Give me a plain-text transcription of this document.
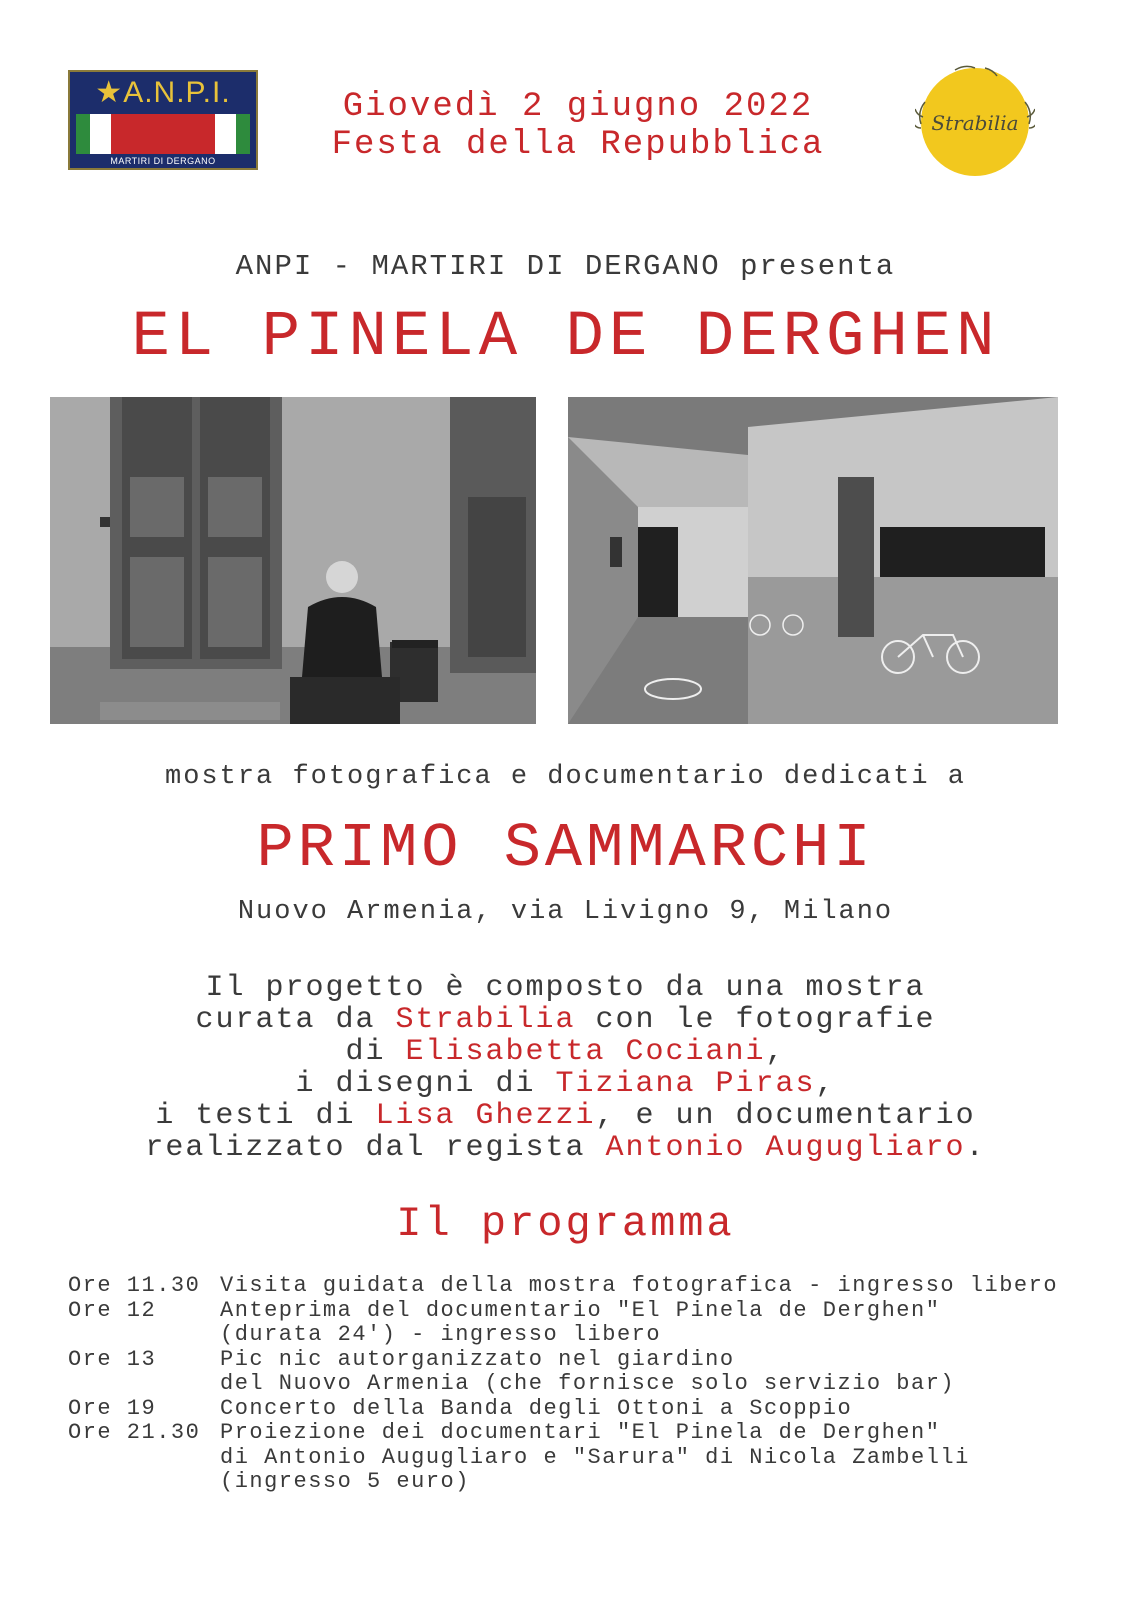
★A.N.P.I.
MARTIRI DI DERGANO
Giovedì 2 giugno 2022
Festa della Repubblica
Strabilia
ANPI - MARTIRI DI DERGANO presenta
EL PINELA DE DERGHEN
mostra fotografica e documentario dedicati a
PRIMO SAMMARCHI
Nuovo Armenia, via Livigno 9, Milano
Il progetto è composto da una mostra
curata da Strabilia con le fotografie
di Elisabetta Cociani,
i disegni di Tiziana Piras,
i testi di Lisa Ghezzi, e un documentario
realizzato dal regista Antonio Augugliaro.
Il programma
Ore 11.30 Visita guidata della mostra fotografica - ingresso libero
Ore 12	Anteprima del documentario "El Pinela de Derghen"
(durata 24') - ingresso libero
Ore 13	Pic nic autorganizzato nel giardino
del Nuovo Armenia (che fornisce solo servizio bar)
Ore 19	Concerto della Banda degli Ottoni a Scoppio
Ore 21.30 Proiezione dei documentari "El Pinela de Derghen"
di Antonio Augugliaro e "Sarura" di Nicola Zambelli
(ingresso 5 euro)
